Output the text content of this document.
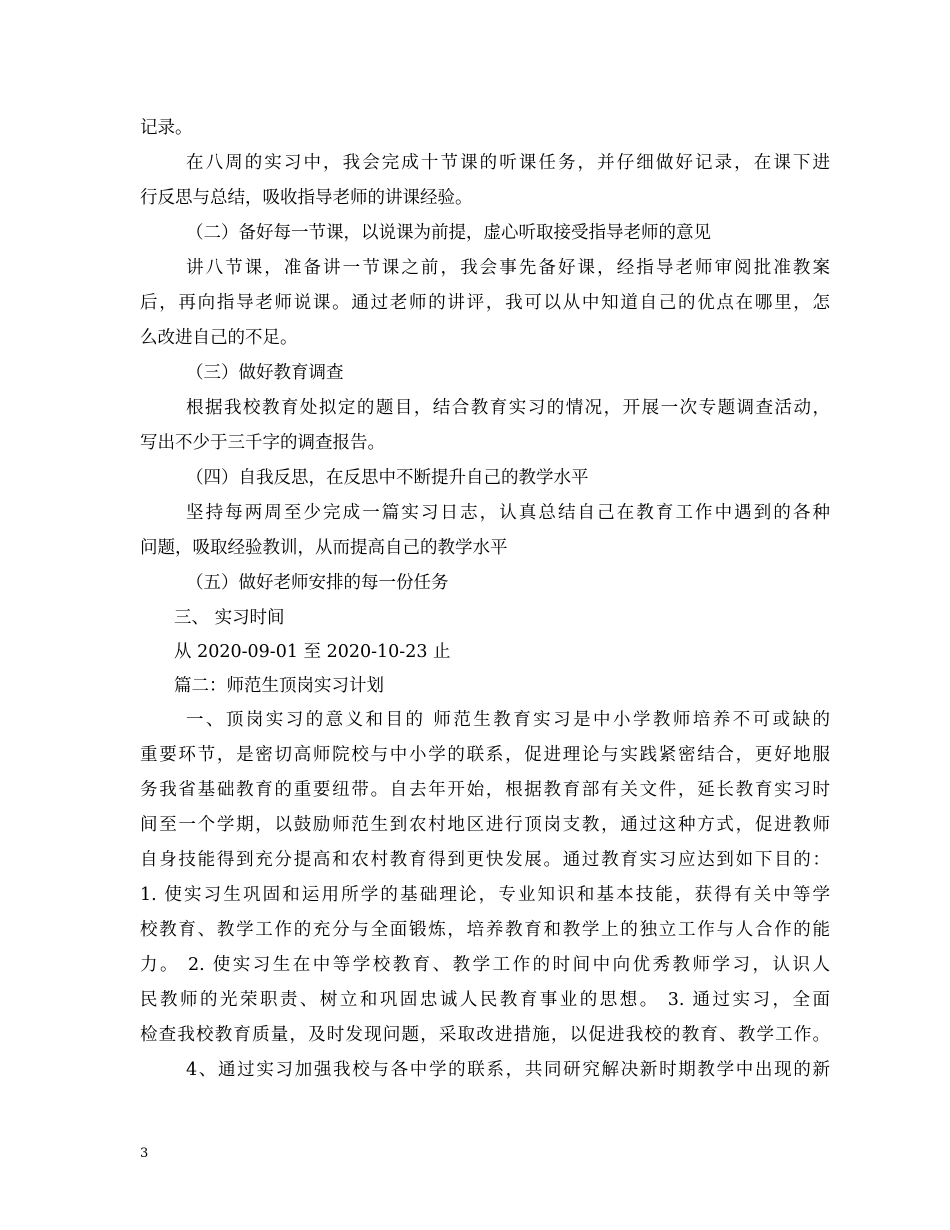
记录。
在八周的实习中，我会完成十节课的听课任务，并仔细做好记录，在课下进
行反思与总结，吸收指导老师的讲课经验。
（二）备好每一节课，以说课为前提，虚心听取接受指导老师的意见
讲八节课，准备讲一节课之前，我会事先备好课，经指导老师审阅批准教案
后，再向指导老师说课。通过老师的讲评，我可以从中知道自己的优点在哪里，怎
么改进自己的不足。
（三）做好教育调查
根据我校教育处拟定的题目，结合教育实习的情况，开展一次专题调查活动，
写出不少于三千字的调查报告。
（四）自我反思，在反思中不断提升自己的教学水平
坚持每两周至少完成一篇实习日志，认真总结自己在教育工作中遇到的各种
问题，吸取经验教训，从而提高自己的教学水平
（五）做好老师安排的每一份任务
三、 实习时间
从 2020-09-01 至 2020-10-23 止
篇二：师范生顶岗实习计划
一、顶岗实习的意义和目的 师范生教育实习是中小学教师培养不可或缺的
重要环节，是密切高师院校与中小学的联系，促进理论与实践紧密结合，更好地服
务我省基础教育的重要纽带。自去年开始，根据教育部有关文件，延长教育实习时
间至一个学期，以鼓励师范生到农村地区进行顶岗支教，通过这种方式，促进教师
自身技能得到充分提高和农村教育得到更快发展。通过教育实习应达到如下目的：
1. 使实习生巩固和运用所学的基础理论，专业知识和基本技能，获得有关中等学
校教育、教学工作的充分与全面锻炼，培养教育和教学上的独立工作与人合作的能
力。 2. 使实习生在中等学校教育、教学工作的时间中向优秀教师学习，认识人
民教师的光荣职责、树立和巩固忠诚人民教育事业的思想。 3. 通过实习，全面
检查我校教育质量，及时发现问题，采取改进措施，以促进我校的教育、教学工作。
4、通过实习加强我校与各中学的联系，共同研究解决新时期教学中出现的新
3
